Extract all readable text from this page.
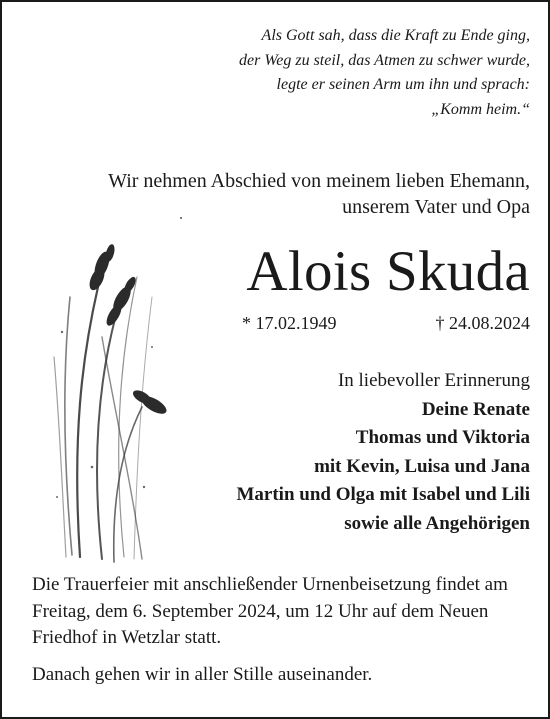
Als Gott sah, dass die Kraft zu Ende ging,
der Weg zu steil, das Atmen zu schwer wurde,
legte er seinen Arm um ihn und sprach:
„Komm heim.“
Wir nehmen Abschied von meinem lieben Ehemann,
unserem Vater und Opa
Alois Skuda
* 17.02.1949	† 24.08.2024
In liebevoller Erinnerung
Deine Renate
Thomas und Viktoria
mit Kevin, Luisa und Jana
Martin und Olga mit Isabel und Lili
sowie alle Angehörigen

Die Trauerfeier mit anschließender Urnenbeisetzung findet am Freitag, dem 6. September 2024, um 12 Uhr auf dem Neuen Friedhof in Wetzlar statt.

Danach gehen wir in aller Stille auseinander.
